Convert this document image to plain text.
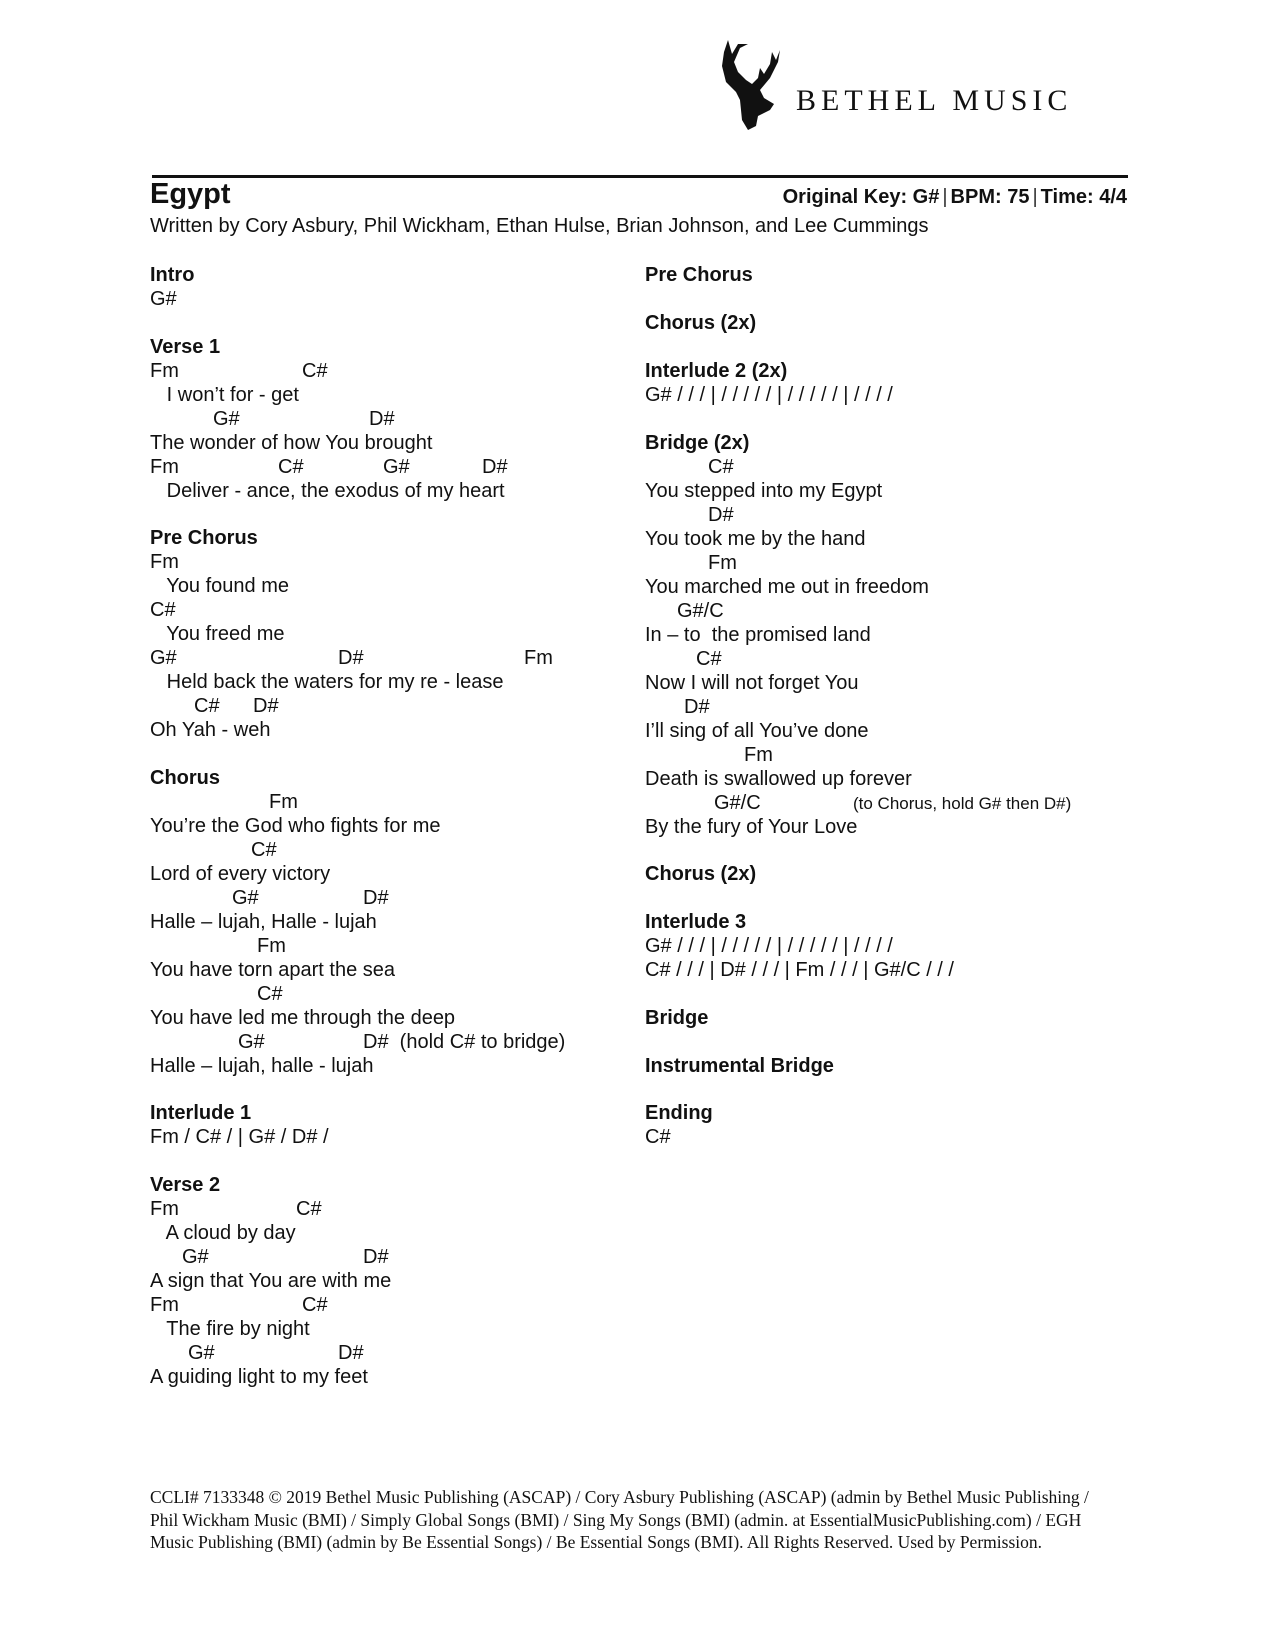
BETHEL MUSIC
Egypt	Original Key: G# | BPM: 75 | Time: 4/4
Written by Cory Asbury, Phil Wickham, Ethan Hulse, Brian Johnson, and Lee Cummings
Intro
G#
Verse 1
Fm	C#
I won’t for - get
G#	D#
The wonder of how You brought
Fm	C#	G#	D#
Deliver - ance, the exodus of my heart
Pre Chorus
Fm
You found me
C#
You freed me
G#	D#	Fm
Held back the waters for my re - lease
C# D#
Oh Yah - weh
Chorus
Fm
You’re the God who fights for me
C#
Lord of every victory
G#	D#
Halle – lujah, Halle - lujah
Fm
You have torn apart the sea
C#
You have led me through the deep
G#	D#  (hold C# to bridge)
Halle – lujah, halle - lujah
Interlude 1
Fm / C# / | G# / D# /
Verse 2
Fm	C#
A cloud by day
G#	D#
A sign that You are with me
Fm	C#
The fire by night
G#	D#
A guiding light to my feet
Pre Chorus
Chorus (2x)
Interlude 2 (2x)
G# / / / | / / / / / | / / / / / | / / / /
Bridge (2x)
C#
You stepped into my Egypt
D#
You took me by the hand
Fm
You marched me out in freedom
G#/C
In – to  the promised land
C#
Now I will not forget You
D#
I’ll sing of all You’ve done
Fm
Death is swallowed up forever
G#/C	(to Chorus, hold G# then D#)
By the fury of Your Love
Chorus (2x)
Interlude 3
G# / / / | / / / / / | / / / / / | / / / /
C# / / / | D# / / / | Fm / / / | G#/C / / /
Bridge
Instrumental Bridge
Ending
C#
CCLI# 7133348 © 2019 Bethel Music Publishing (ASCAP) / Cory Asbury Publishing (ASCAP) (admin by Bethel Music Publishing / Phil Wickham Music (BMI) / Simply Global Songs (BMI) / Sing My Songs (BMI) (admin. at EssentialMusicPublishing.com) / EGH Music Publishing (BMI) (admin by Be Essential Songs) / Be Essential Songs (BMI). All Rights Reserved. Used by Permission.
